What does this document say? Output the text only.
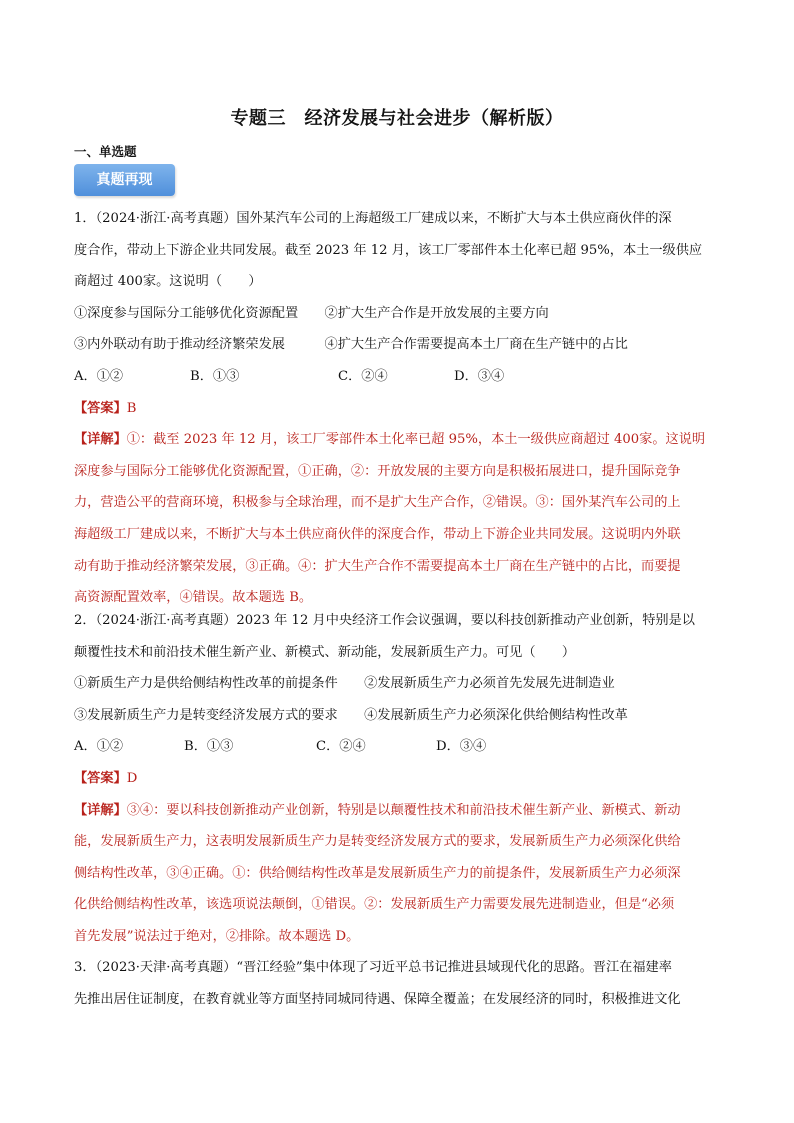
专题三　经济发展与社会进步（解析版）
一、单选题
真题再现
1．（2024·浙江·高考真题）国外某汽车公司的上海超级工厂建成以来，不断扩大与本土供应商伙伴的深
度合作，带动上下游企业共同发展。截至 2023 年 12 月，该工厂零部件本土化率已超 95%，本土一级供应
商超过 400家。这说明（　　）
①深度参与国际分工能够优化资源配置　　②扩大生产合作是开放发展的主要方向
③内外联动有助于推动经济繁荣发展　　　④扩大生产合作需要提高本土厂商在生产链中的占比
A．①②	B．①③	C．②④	D．③④
【答案】B
【详解】①：截至 2023 年 12 月，该工厂零部件本土化率已超 95%，本土一级供应商超过 400家。这说明
深度参与国际分工能够优化资源配置，①正确，②：开放发展的主要方向是积极拓展进口，提升国际竞争
力，营造公平的营商环境，积极参与全球治理，而不是扩大生产合作，②错误。③：国外某汽车公司的上
海超级工厂建成以来，不断扩大与本土供应商伙伴的深度合作，带动上下游企业共同发展。这说明内外联
动有助于推动经济繁荣发展，③正确。④：扩大生产合作不需要提高本土厂商在生产链中的占比，而要提
高资源配置效率，④错误。故本题选 B。
2．（2024·浙江·高考真题）2023 年 12 月中央经济工作会议强调，要以科技创新推动产业创新，特别是以
颠覆性技术和前沿技术催生新产业、新模式、新动能，发展新质生产力。可见（　　）
①新质生产力是供给侧结构性改革的前提条件　　②发展新质生产力必须首先发展先进制造业
③发展新质生产力是转变经济发展方式的要求　　④发展新质生产力必须深化供给侧结构性改革
A．①②	B．①③	C．②④	D．③④
【答案】D
【详解】③④：要以科技创新推动产业创新，特别是以颠覆性技术和前沿技术催生新产业、新模式、新动
能，发展新质生产力，这表明发展新质生产力是转变经济发展方式的要求，发展新质生产力必须深化供给
侧结构性改革，③④正确。①：供给侧结构性改革是发展新质生产力的前提条件，发展新质生产力必须深
化供给侧结构性改革，该选项说法颠倒，①错误。②：发展新质生产力需要发展先进制造业，但是“必须
首先发展”说法过于绝对，②排除。故本题选 D。
3．（2023·天津·高考真题）“晋江经验”集中体现了习近平总书记推进县域现代化的思路。晋江在福建率
先推出居住证制度，在教育就业等方面坚持同城同待遇、保障全覆盖；在发展经济的同时，积极推进文化
